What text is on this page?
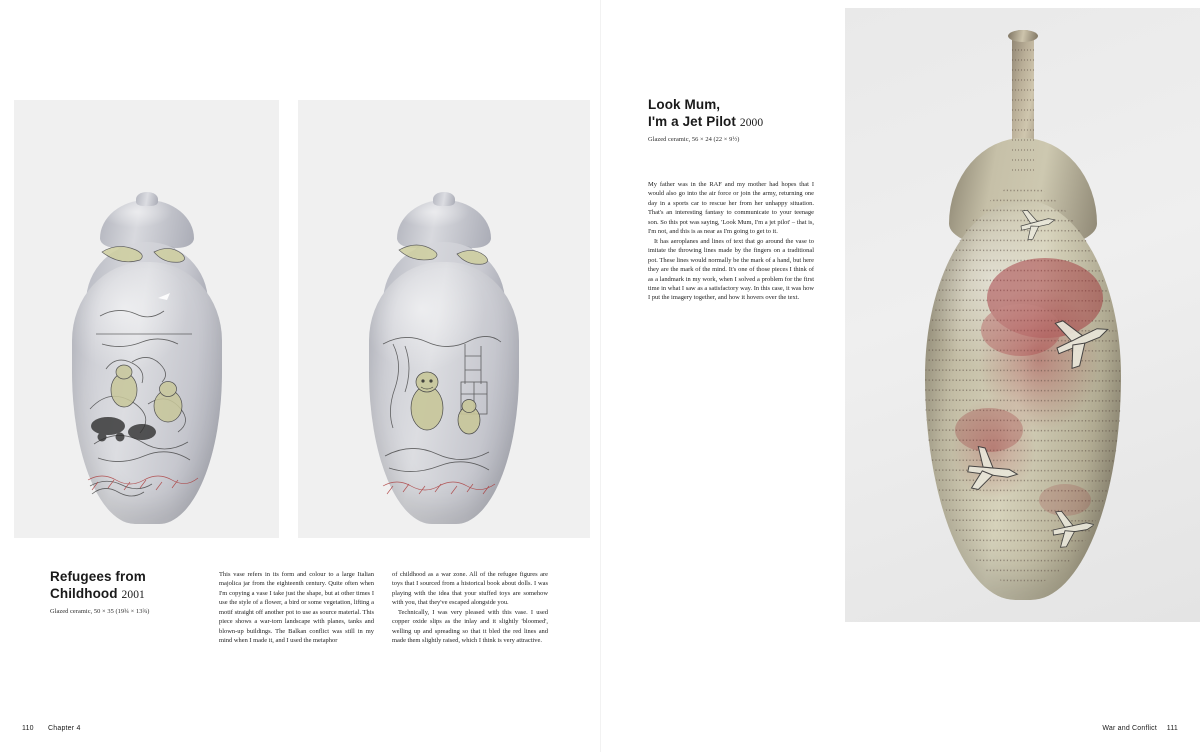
Refugees from
Childhood 2001
Glazed ceramic, 50 × 35 (19¾ × 13¾)

This vase refers in its form and colour to a large Italian majolica jar from the eighteenth century. Quite often when I'm copying a vase I take just the shape, but at other times I use the style of a flower, a bird or some vegetation, lifting a motif straight off another pot to use as source material. This piece shows a war-torn landscape with planes, tanks and blown-up buildings. The Balkan conflict was still in my mind when I made it, and I used the metaphor

of childhood as a war zone. All of the refugee figures are toys that I sourced from a historical book about dolls. I was playing with the idea that your stuffed toys are somehow with you, that they've escaped alongside you.

Technically, I was very pleased with this vase. I used copper oxide slips as the inlay and it slightly 'bloomed', welling up and spreading so that it bled the red lines and made them slightly raised, which I think is very attractive.

110 Chapter 4
Look Mum,
I'm a Jet Pilot 2000
Glazed ceramic, 56 × 24 (22 × 9½)

My father was in the RAF and my mother had hopes that I would also go into the air force or join the army, returning one day in a sports car to rescue her from her unhappy situation. That's an interesting fantasy to communicate to your teenage son. So this pot was saying, 'Look Mum, I'm a jet pilot' – that is, I'm not, and this is as near as I'm going to get to it.

It has aeroplanes and lines of text that go around the vase to imitate the throwing lines made by the fingers on a traditional pot. These lines would normally be the mark of a hand, but here they are the mark of the mind. It's one of those pieces I think of as a landmark in my work, when I solved a problem for the first time in what I saw as a satisfactory way. In this case, it was how I put the imagery together, and how it hovers over the text.

War and Conflict 111
